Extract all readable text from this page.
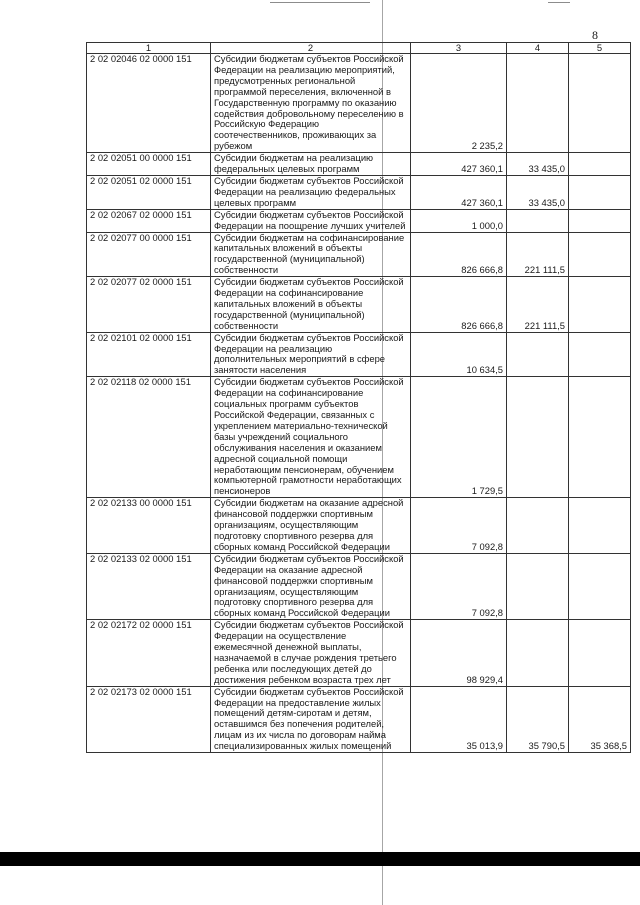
8
1	2	3	4	5
2 02 02046 02 0000 151	Субсидии бюджетам субъектов Российской Федерации на реализацию мероприятий, предусмотренных региональной программой переселения, включенной в Государственную программу по оказанию содействия добровольному переселению в Российскую Федерацию соотечественников, проживающих за рубежом	2 235,2		
2 02 02051 00 0000 151	Субсидии бюджетам на реализацию федеральных целевых программ	427 360,1	33 435,0	
2 02 02051 02 0000 151	Субсидии бюджетам субъектов Российской Федерации на реализацию федеральных целевых программ	427 360,1	33 435,0	
2 02 02067 02 0000 151	Субсидии бюджетам субъектов Российской Федерации на поощрение лучших учителей	1 000,0		
2 02 02077 00 0000 151	Субсидии бюджетам на софинансирование капитальных вложений в объекты государственной (муниципальной) собственности	826 666,8	221 111,5	
2 02 02077 02 0000 151	Субсидии бюджетам субъектов Российской Федерации на софинансирование капитальных вложений в объекты государственной (муниципальной) собственности	826 666,8	221 111,5	
2 02 02101 02 0000 151	Субсидии бюджетам субъектов Российской Федерации на реализацию дополнительных мероприятий в сфере занятости населения	10 634,5		
2 02 02118 02 0000 151	Субсидии бюджетам субъектов Российской Федерации на софинансирование социальных программ субъектов Российской Федерации, связанных с укреплением материально-технической базы учреждений социального обслуживания населения и оказанием адресной социальной помощи неработающим пенсионерам, обучением компьютерной грамотности неработающих пенсионеров	1 729,5		
2 02 02133 00 0000 151	Субсидии бюджетам на оказание адресной финансовой поддержки спортивным организациям, осуществляющим подготовку спортивного резерва для сборных команд Российской Федерации	7 092,8		
2 02 02133 02 0000 151	Субсидии бюджетам субъектов Российской Федерации на оказание адресной финансовой поддержки спортивным организациям, осуществляющим подготовку спортивного резерва для сборных команд Российской Федерации	7 092,8		
2 02 02172 02 0000 151	Субсидии бюджетам субъектов Российской Федерации на осуществление ежемесячной денежной выплаты, назначаемой в случае рождения третьего ребенка или последующих детей до достижения ребенком возраста трех лет	98 929,4		
2 02 02173 02 0000 151	Субсидии бюджетам субъектов Российской Федерации на предоставление жилых помещений детям-сиротам и детям, оставшимся без попечения родителей, лицам из их числа по договорам найма специализированных жилых помещений	35 013,9	35 790,5	35 368,5
